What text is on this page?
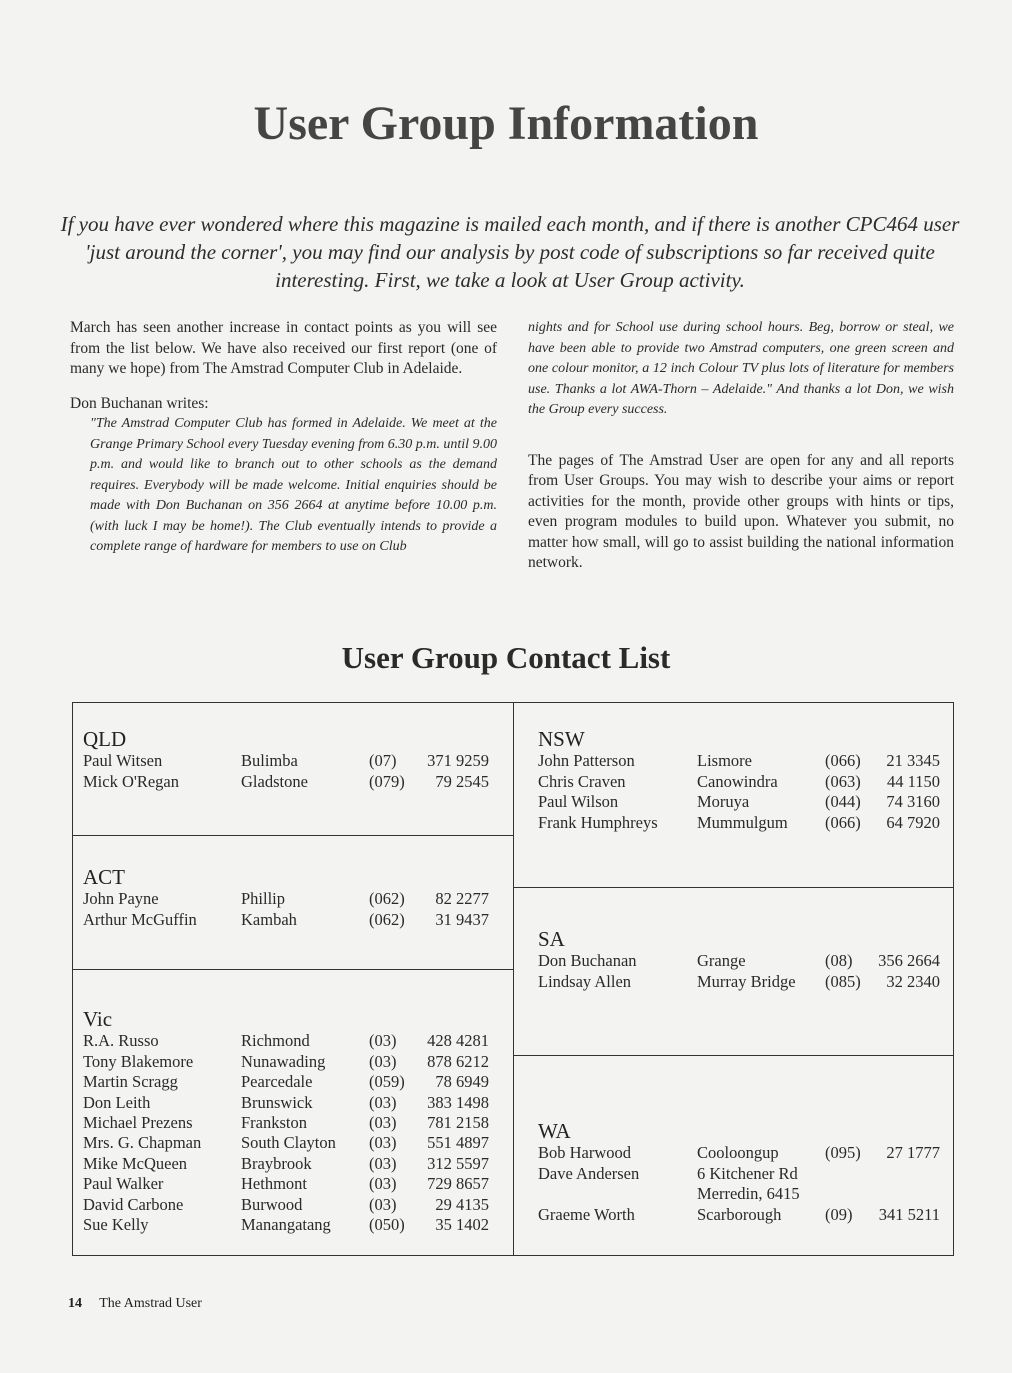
User Group Information

If you have ever wondered where this magazine is mailed each month, and if there is another CPC464 user 'just around the corner', you may find our analysis by post code of subscriptions so far received quite interesting. First, we take a look at User Group activity.

March has seen another increase in contact points as you will see from the list below. We have also received our first report (one of many we hope) from The Amstrad Computer Club in Adelaide.

Don Buchanan writes:

"The Amstrad Computer Club has formed in Adelaide. We meet at the Grange Primary School every Tuesday evening from 6.30 p.m. until 9.00 p.m. and would like to branch out to other schools as the demand requires. Everybody will be made welcome. Initial enquiries should be made with Don Buchanan on 356 2664 at anytime before 10.00 p.m. (with luck I may be home!). The Club eventually intends to provide a complete range of hardware for members to use on Club

nights and for School use during school hours. Beg, borrow or steal, we have been able to provide two Amstrad computers, one green screen and one colour monitor, a 12 inch Colour TV plus lots of literature for members use. Thanks a lot AWA-Thorn – Adelaide." And thanks a lot Don, we wish the Group every success.

The pages of The Amstrad User are open for any and all reports from User Groups. You may wish to describe your aims or report activities for the month, provide other groups with hints or tips, even program modules to build upon. Whatever you submit, no matter how small, will go to assist building the national information network.

User Group Contact List
QLD
Paul Witsen	Bulimba	(07)	371 9259
Mick O'Regan	Gladstone	(079)	79 2545
ACT
John Payne	Phillip	(062)	82 2277
Arthur McGuffin	Kambah	(062)	31 9437
Vic
R.A. Russo	Richmond	(03)	428 4281
Tony Blakemore	Nunawading	(03)	878 6212
Martin Scragg	Pearcedale	(059)	78 6949
Don Leith	Brunswick	(03)	383 1498
Michael Prezens	Frankston	(03)	781 2158
Mrs. G. Chapman	South Clayton	(03)	551 4897
Mike McQueen	Braybrook	(03)	312 5597
Paul Walker	Hethmont	(03)	729 8657
David Carbone	Burwood	(03)	29 4135
Sue Kelly	Manangatang	(050)	35 1402
NSW
John Patterson	Lismore	(066)	21 3345
Chris Craven	Canowindra	(063)	44 1150
Paul Wilson	Moruya	(044)	74 3160
Frank Humphreys	Mummulgum	(066)	64 7920
SA
Don Buchanan	Grange	(08)	356 2664
Lindsay Allen	Murray Bridge	(085)	32 2340
WA
Bob Harwood	Cooloongup	(095)	27 1777
Dave Andersen	6 Kitchener Rd
Merredin, 6415
Graeme Worth	Scarborough	(09)	341 5211
14 The Amstrad User
